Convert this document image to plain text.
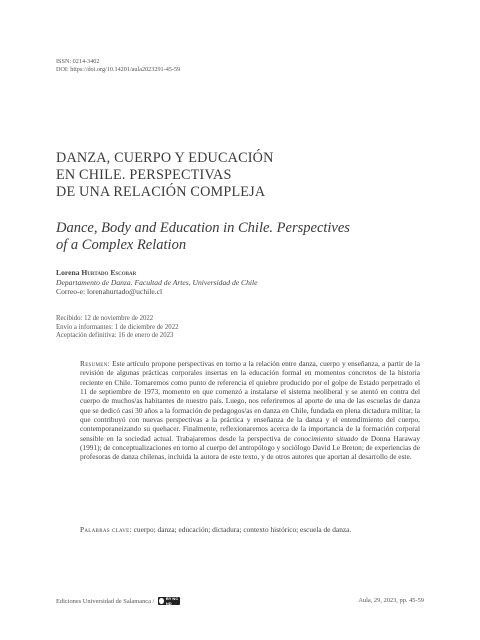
ISSN: 0214-3402
DOI: https://doi.org/10.14201/aula2023291-45-59
DANZA, CUERPO Y EDUCACIÓN
EN CHILE. PERSPECTIVAS
DE UNA RELACIÓN COMPLEJA
Dance, Body and Education in Chile. Perspectives
of a Complex Relation
Lorena Hurtado Escobar
Departamento de Danza. Facultad de Artes, Universidad de Chile
Correo-e: lorenahurtado@uchile.cl
Recibido: 12 de noviembre de 2022
Envío a informantes: 1 de diciembre de 2022
Aceptación definitiva: 16 de enero de 2023
Resumen: Este artículo propone perspectivas en torno a la relación entre danza, cuerpo y enseñanza, a partir de la revisión de algunas prácticas corporales insertas en la educación formal en momentos concretos de la historia reciente en Chile. Tomaremos como punto de referencia el quiebre producido por el golpe de Estado perpetrado el 11 de septiembre de 1973, momento en que comenzó a instalarse el sistema neoliberal y se atentó en contra del cuerpo de muchos/as habitantes de nuestro país. Luego, nos referiremos al aporte de una de las escuelas de danza que se dedicó casi 30 años a la formación de pedagogos/as en danza en Chile, fundada en plena dictadura militar, la que contribuyó con nuevas perspectivas a la práctica y enseñanza de la danza y el entendimiento del cuerpo, contemporaneizando su quehacer. Finalmente, reflexionaremos acerca de la importancia de la formación corporal sensible en la sociedad actual. Trabajaremos desde la perspectiva de conocimiento situado de Donna Haraway (1991); de conceptualizaciones en torno al cuerpo del antropólogo y sociólogo David Le Breton; de experiencias de profesoras de danza chilenas, incluida la autora de este texto, y de otros autores que aportan al desarrollo de este.
Palabras clave: cuerpo; danza; educación; dictadura; contexto histórico; escuela de danza.
Ediciones Universidad de Salamanca /	BY NC ND	Aula, 29, 2023, pp. 45-59
